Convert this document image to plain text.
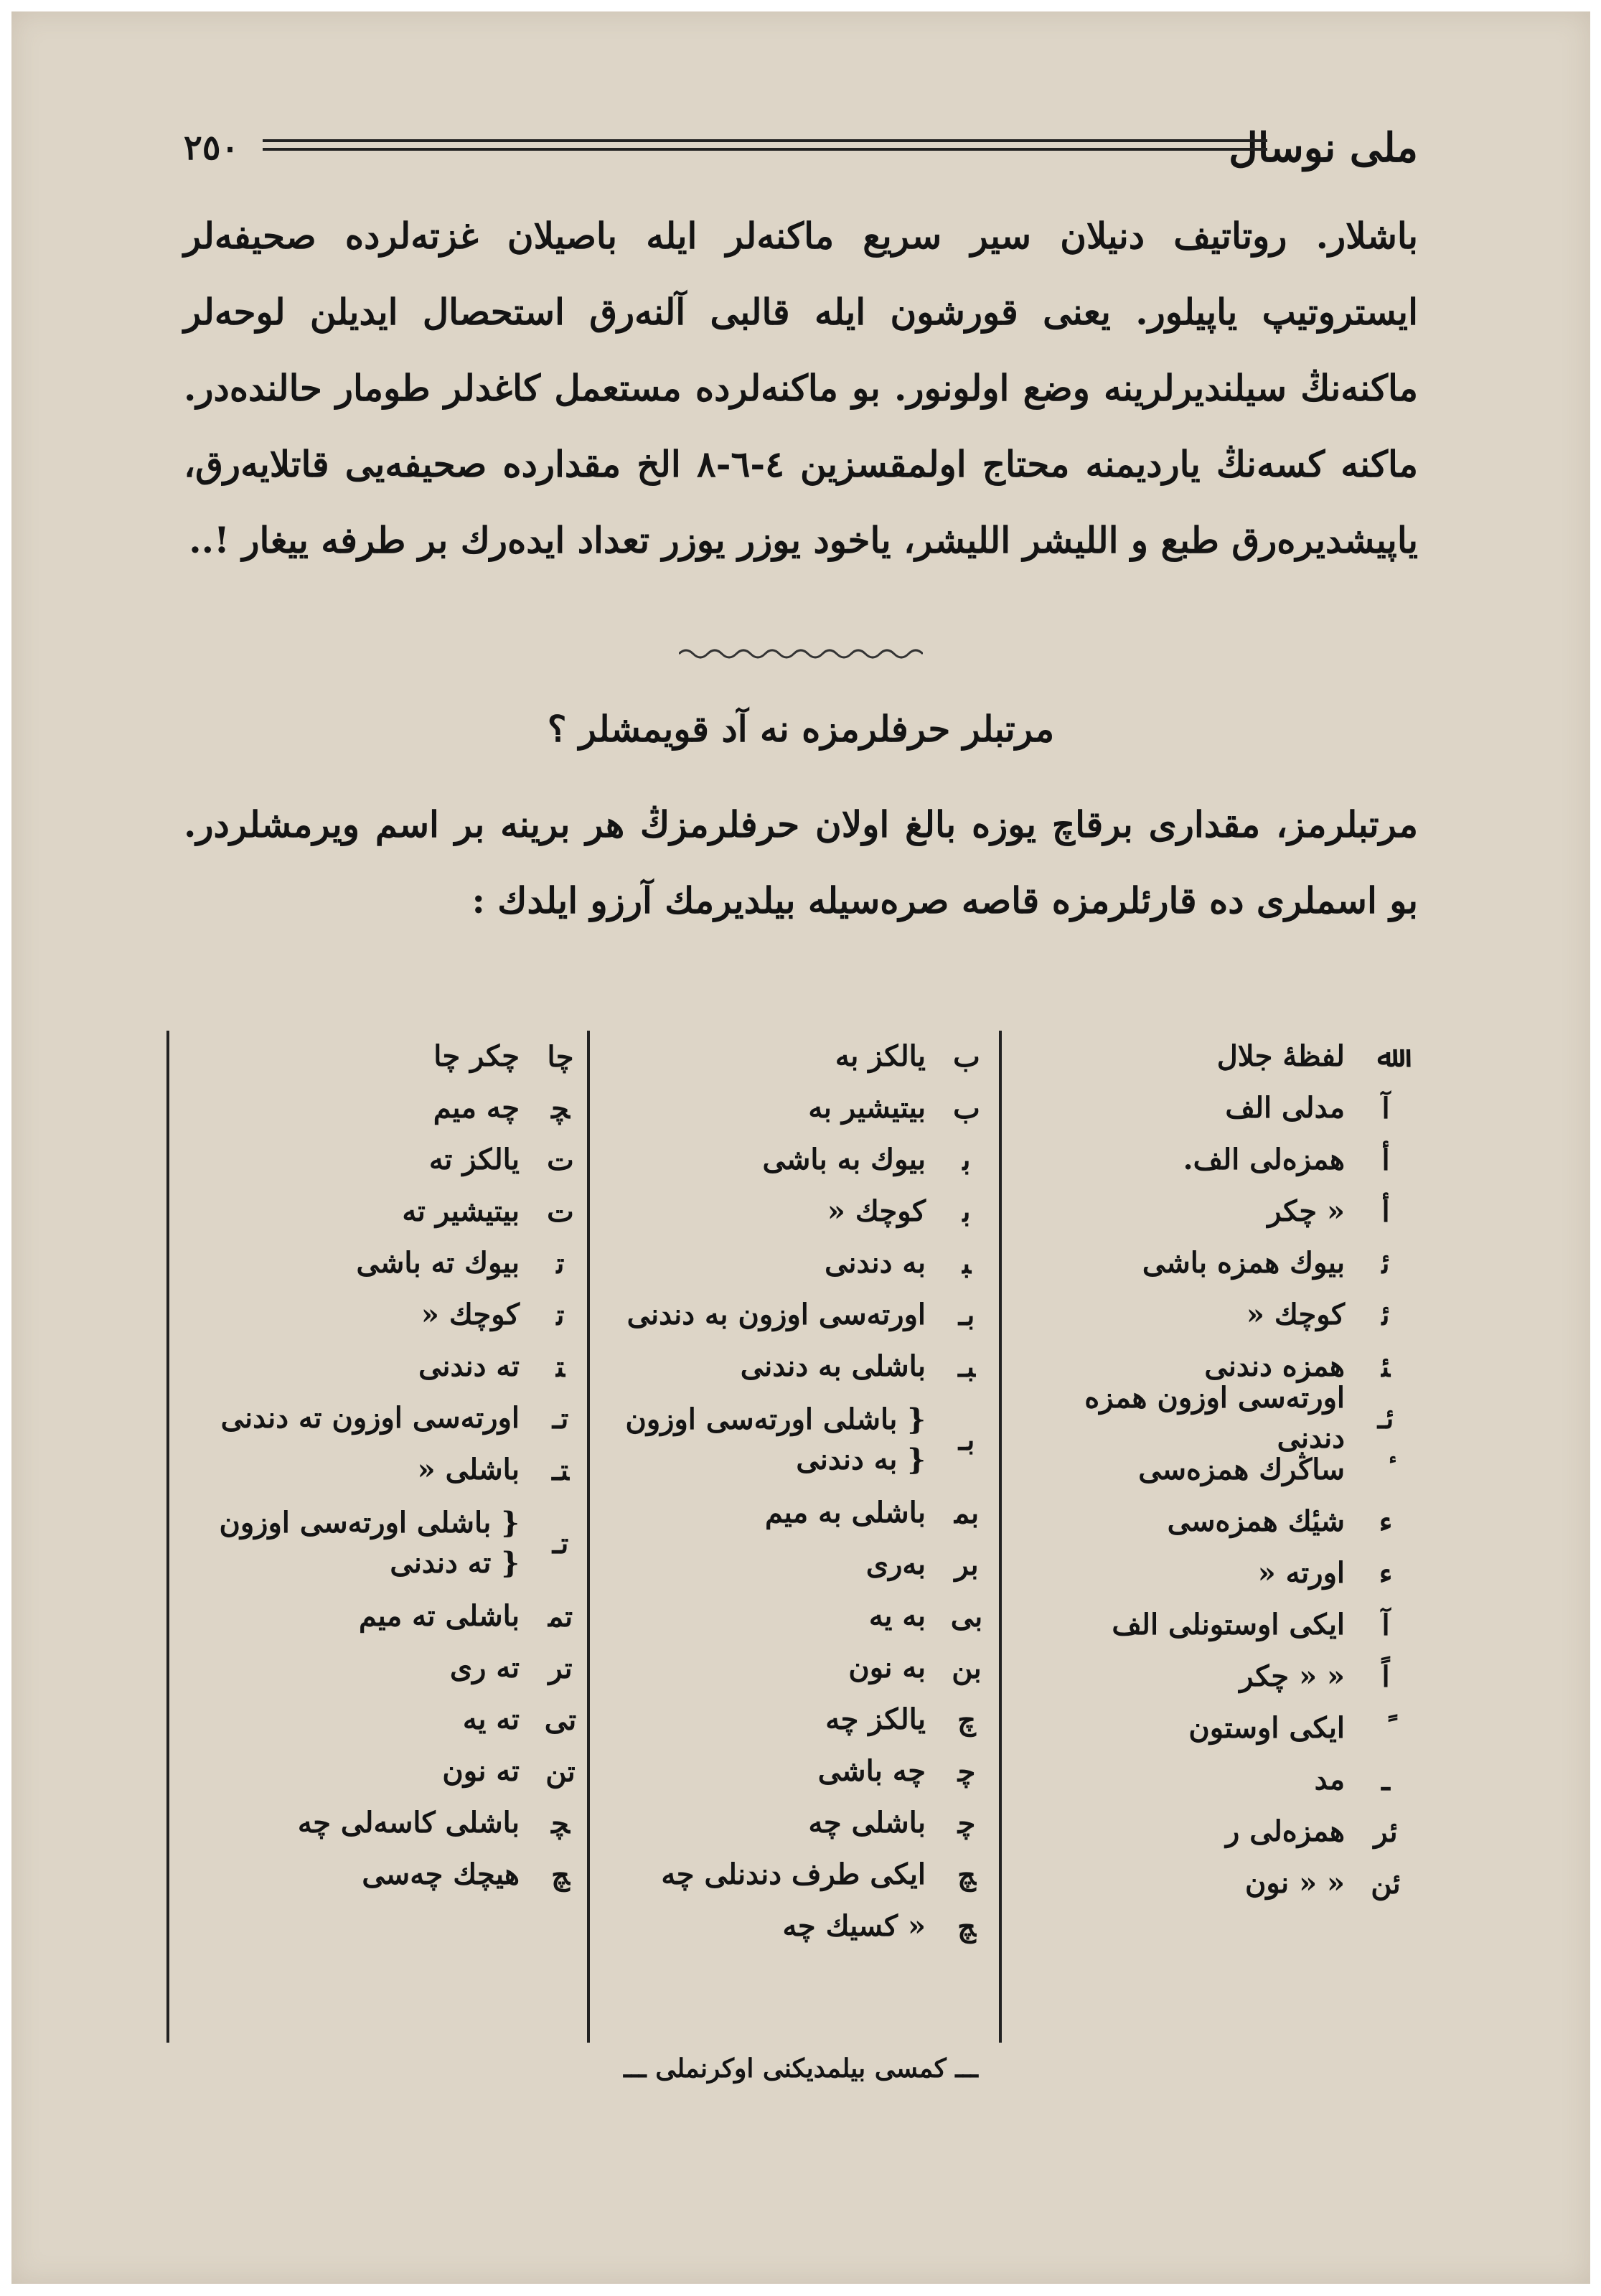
ملی نوسال
۲٥۰
باشلار. روتاتیف دنیلان سیر سریع ماکنه‌لر ایله باصیلان غزته‌لرده صحیفه‌لر ایستروتیپ یاپیلور. یعنی قورشون ایله قالبی آلنه‌رق استحصال ایدیلن لوحه‌لر ماکنه‌نڭ سیلندیرلرینه وضع اولونور. بو ماکنه‌لرده مستعمل کاغدلر طومار حالنده‌در. ماکنه کسه‌نڭ یاردیمنه محتاج اولمقسزین ٤-٦-٨ الخ مقدارده صحیفه‌یی قاتلایه‌رق، یاپیشدیره‌رق طبع و اللیشر اللیشر، یاخود یوزر یوزر تعداد ایده‌رك بر طرفه ییغار !..
مرتبلر حرفلرمزه نه آد قویمشلر ؟
مرتبلرمز، مقداری برقاچ یوزه بالغ اولان حرفلرمزڭ هر برینه بر اسم ویرمشلردر. بو اسملری ده قارئلرمزه قاصه صره‌سیله بیلدیرمك آرزو ایلدك :
ﷲ
لفظهٔ جلال
آ
مدلی الف
أ
همزه‌لی الف.
أ
« چکر
ﺋ
بیوك همزه باشی
ﺋ
کوچك «
ﺌ
همزه دندنی
ﺋـ
اورته‌سی اوزون همزه دندنی
ساڭرك همزه‌سی
ء
شیٔك همزه‌سی
ء
اورته «
آ
ایکی اوستونلی الف
اً
« « چکر
ایکی اوستون
ـ
مد
ئر
همزه‌لی ر
ئن
« « نون
ب
یالکز به
ب
بیتیشیر به
ﺑ
بیوك به باشی
ﺑ
کوچك «
ﺒ
به دندنی
ﺑـ
اورته‌سی اوزون به دندنی
ﺒـ
باشلی به دندنی
ﺑـ
{ باشلی اورته‌سی اوزون
{ به دندنی
ﺑﻤ
باشلی به میم
ﺑﺮ
به‌ری
ﺑﻰ
به یه
ﺑﻦ
به نون
ﭺ
یالکز چه
ﭼ
چه باشی
ﭼ
باشلی چه
ﭻ
ایکی طرف دندنلی چه
ﭻ
« کسیك چه
ﭼﺎ
چکر چا
ﭽ
چه میم
ت
یالکز ته
ت
بیتیشیر ته
ﺗ
بیوك ته باشی
ﺗ
کوچك «
ﺘ
ته دندنی
ﺗـ
اورته‌سی اوزون ته دندنی
ﺘـ
باشلی «
ﺗـ
{ باشلی اورته‌سی اوزون
{ ته دندنی
ﺗﻤ
باشلی ته میم
ﺗﺮ
ته ری
ﺗﻰ
ته یه
ﺗﻦ
ته نون
ﭽ
باشلی کاسه‌لی چه
ﭻ
هیچك چه‌سی
ـــ کمسی بیلمدیکنی اوکرنملی ـــ
